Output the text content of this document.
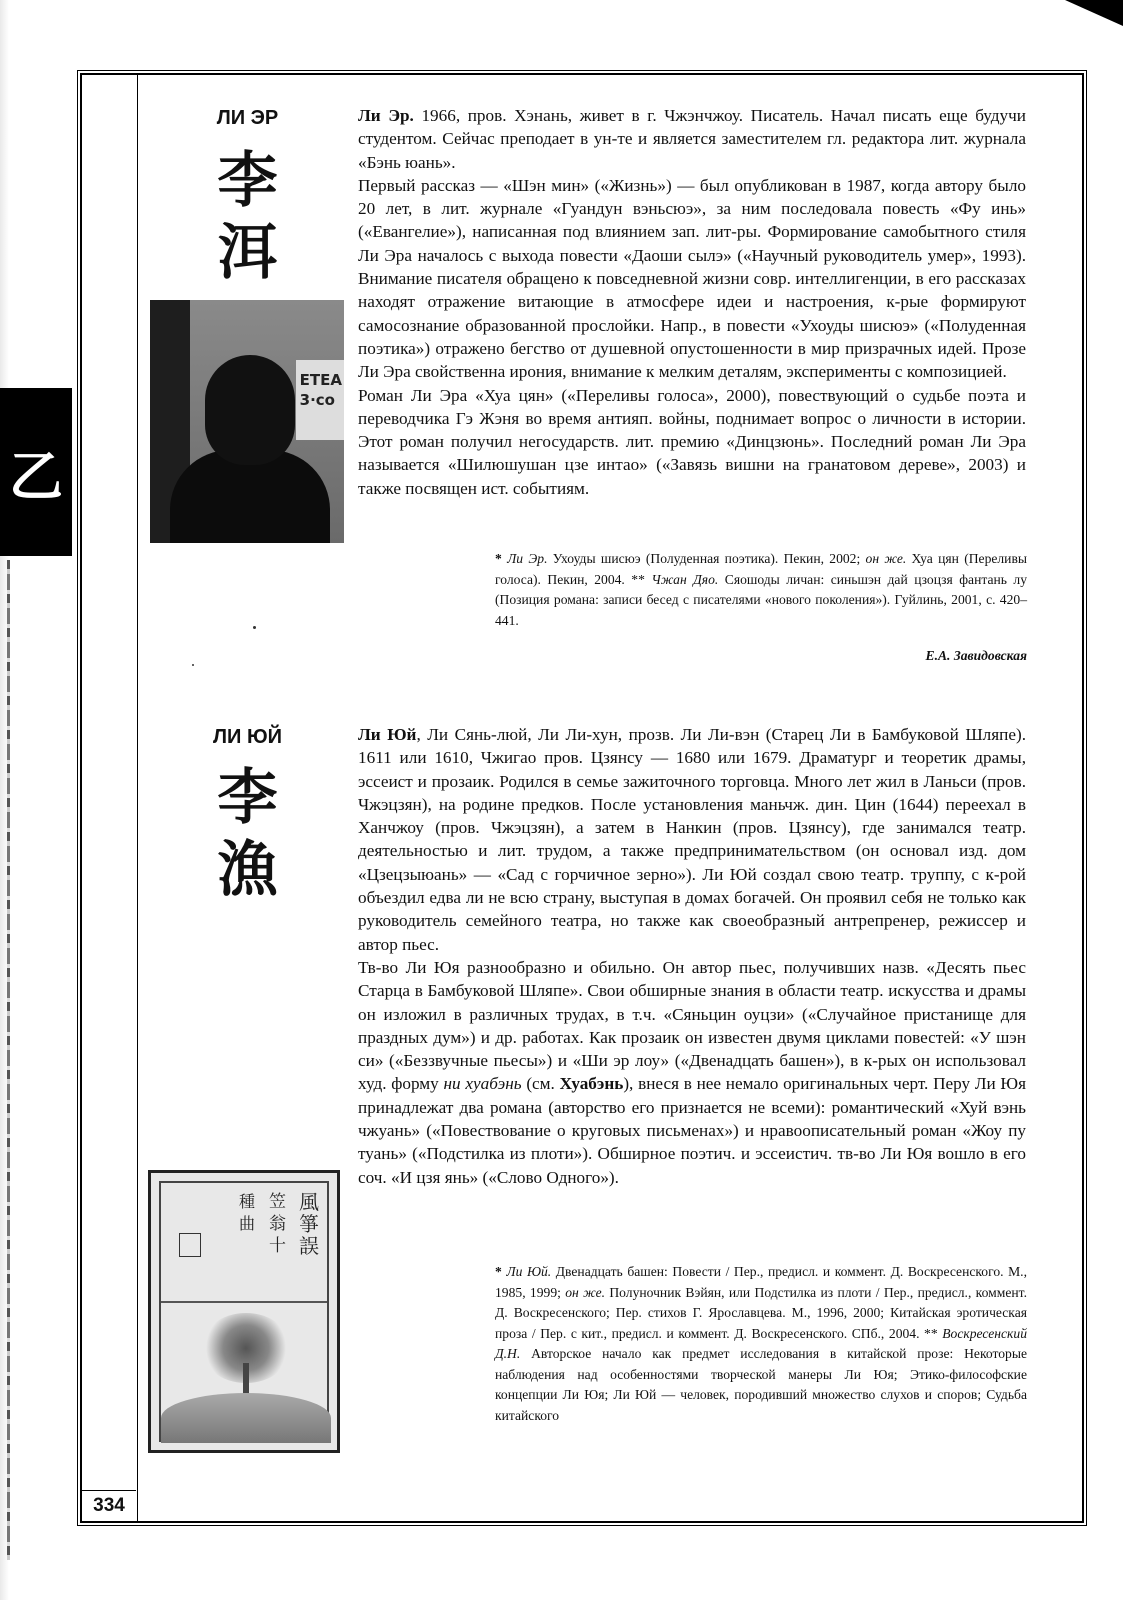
乙
334
ЛИ ЭР
李
洱
ETEA
3·co

Ли Эр. 1966, пров. Хэнань, живет в г. Чжэнчжоу. Писатель. Начал писать еще будучи студентом. Сейчас преподает в ун-те и является заместителем гл. редактора лит. журнала «Бэнь юань».

Первый рассказ — «Шэн мин» («Жизнь») — был опубликован в 1987, когда автору было 20 лет, в лит. журнале «Гуандун вэньсюэ», за ним последовала повесть «Фу инь» («Евангелие»), написанная под влиянием зап. лит-ры. Формирование самобытного стиля Ли Эра началось с выхода повести «Даоши сылэ» («Научный руководитель умер», 1993). Внимание писателя обращено к повседневной жизни совр. интеллигенции, в его рассказах находят отражение витающие в атмосфере идеи и настроения, к-рые формируют самосознание образованной прослойки. Напр., в повести «Ухоуды шисюэ» («Полуденная поэтика») отражено бегство от душевной опустошенности в мир призрачных идей. Прозе Ли Эра свойственна ирония, внимание к мелким деталям, эксперименты с композицией.

Роман Ли Эра «Хуа цян» («Переливы голоса», 2000), повествующий о судьбе поэта и переводчика Гэ Жэня во время антияп. войны, поднимает вопрос о личности в истории. Этот роман получил негосударств. лит. премию «Динцзюнь». Последний роман Ли Эра называется «Шилюшушан цзе интао» («Завязь вишни на гранатовом дереве», 2003) и также посвящен ист. событиям.

* Ли Эр. Ухоуды шисюэ (Полуденная поэтика). Пекин, 2002; он же. Хуа цян (Переливы голоса). Пекин, 2004. ** Чжан Дяо. Сяошоды личан: синьшэн дай цзоцзя фантань лу (Позиция романа: записи бесед с писателями «нового поколения»). Гуйлинь, 2001, с. 420–441.

Е.А. Завидовская
ЛИ ЮЙ
李
漁

Ли Юй, Ли Сянь-люй, Ли Ли-хун, прозв. Ли Ли-вэн (Старец Ли в Бамбуковой Шляпе). 1611 или 1610, Чжигао пров. Цзянсу — 1680 или 1679. Драматург и теоретик драмы, эссеист и прозаик. Родился в семье зажиточного торговца. Много лет жил в Ланьси (пров. Чжэцзян), на родине предков. После установления маньчж. дин. Цин (1644) переехал в Ханчжоу (пров. Чжэцзян), а затем в Нанкин (пров. Цзянсу), где занимался театр. деятельностью и лит. трудом, а также предпринимательством (он основал изд. дом «Цзецзыюань» — «Сад с горчичное зерно»). Ли Юй создал свою театр. труппу, с к-рой объездил едва ли не всю страну, выступая в домах богачей. Он проявил себя не только как руководитель семейного театра, но также как своеобразный антрепренер, режиссер и автор пьес.

Тв-во Ли Юя разнообразно и обильно. Он автор пьес, получивших назв. «Десять пьес Старца в Бамбуковой Шляпе». Свои обширные знания в области театр. искусства и драмы он изложил в различных трудах, в т.ч. «Сяньцин оуцзи» («Случайное пристанище для праздных дум») и др. работах. Как прозаик он известен двумя циклами повестей: «У шэн си» («Беззвучные пьесы») и «Ши эр лоу» («Двенадцать башен»), в к-рых он использовал худ. форму ни хуабэнь (см. Хуабэнь), внеся в нее немало оригинальных черт. Перу Ли Юя принадлежат два романа (авторство его признается не всеми): романтический «Хуй вэнь чжуань» («Повествование о круговых письменах») и нравоописательный роман «Жоу пу туань» («Подстилка из плоти»). Обширное поэтич. и эссеистич. тв-во Ли Юя вошло в его соч. «И цзя янь» («Слово Одного»).

風
箏
誤
笠
翁
十
種
曲

* Ли Юй. Двенадцать башен: Повести / Пер., предисл. и коммент. Д. Воскресенского. М., 1985, 1999; он же. Полуночник Вэйян, или Подстилка из плоти / Пер., предисл., коммент. Д. Воскресенского; Пер. стихов Г. Ярославцева. М., 1996, 2000; Китайская эротическая проза / Пер. с кит., предисл. и коммент. Д. Воскресенского. СПб., 2004. ** Воскресенский Д.Н. Авторское начало как предмет исследования в китайской прозе: Некоторые наблюдения над особенностями творческой манеры Ли Юя; Этико-философские концепции Ли Юя; Ли Юй — человек, породивший множество слухов и споров; Судьба китайского
